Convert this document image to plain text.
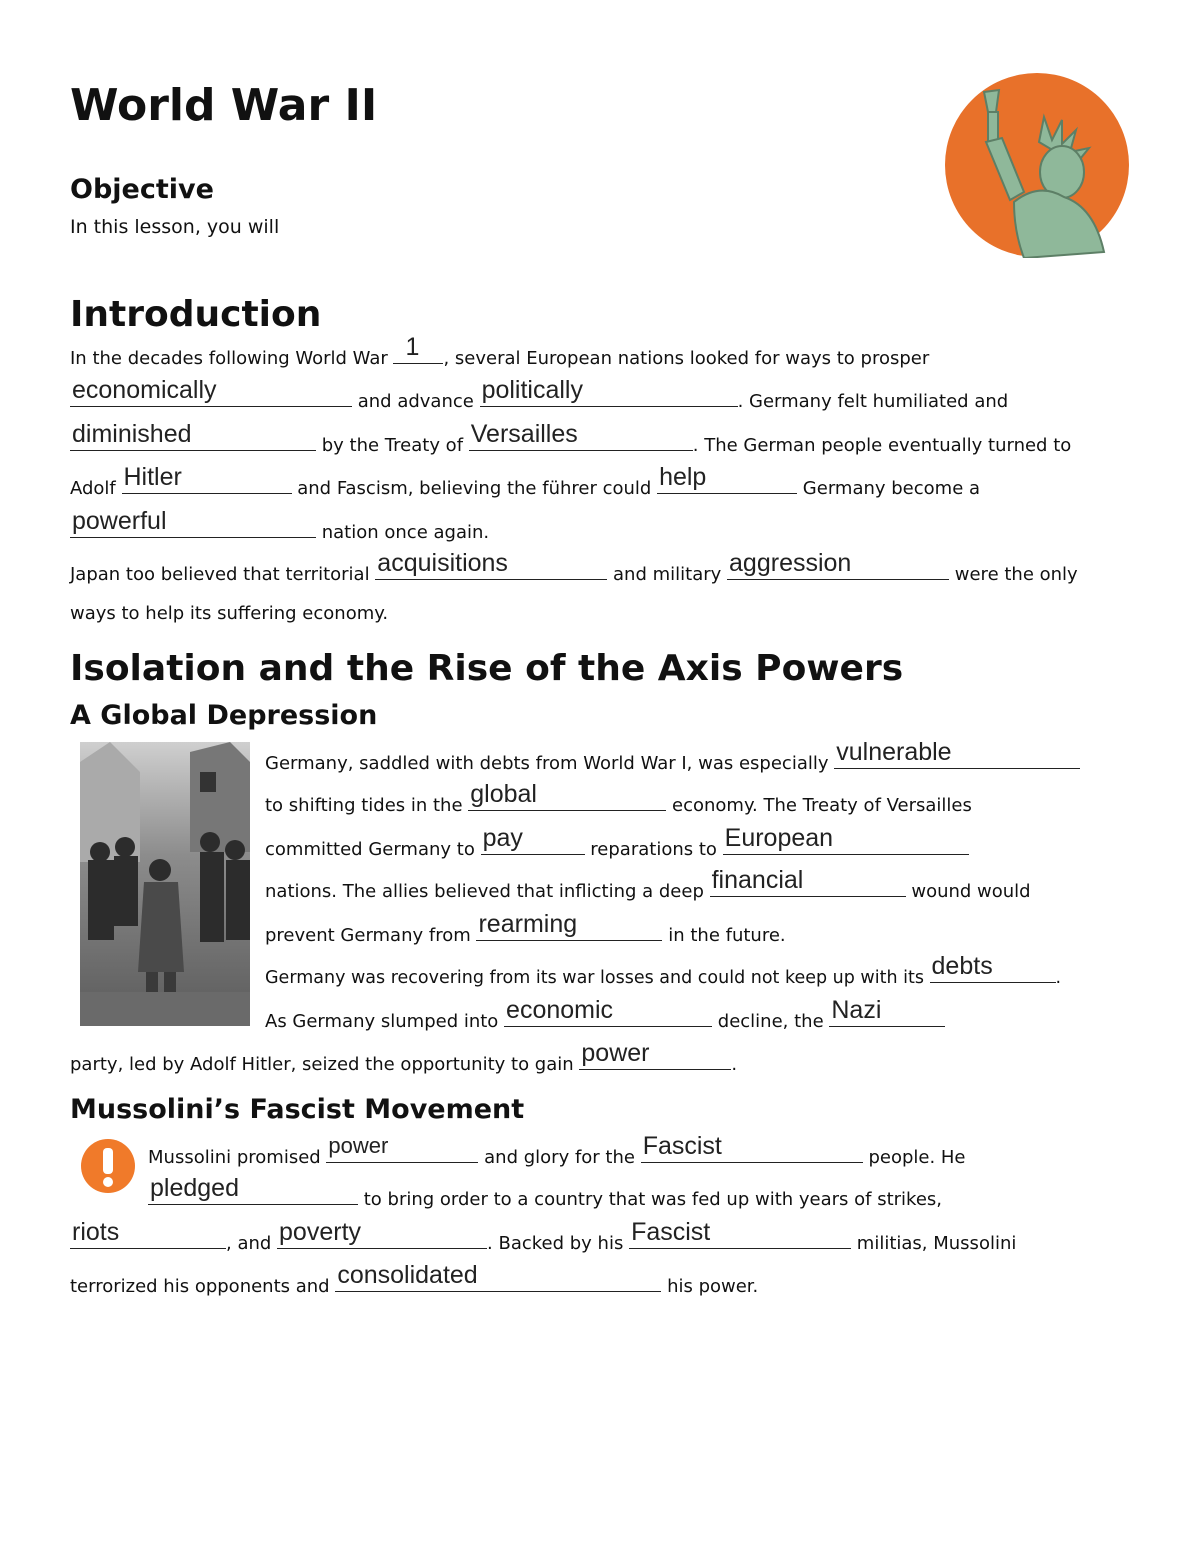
World War II
Objective
In this lesson, you will
Introduction
In the decades following World War 1 , several European nations looked for ways to prosper
economically	and advance politically	. Germany felt humiliated and
diminished	by the Treaty of Versailles	. The German people eventually turned to
Adolf Hitler	and Fascism, believing the führer could help	Germany become a
powerful	nation once again.
Japan too believed that territorial acquisitions	and military aggression	were the only
ways to help its suffering economy.
Isolation and the Rise of the Axis Powers
A Global Depression
Germany, saddled with debts from World War I, was especially vulnerable
to shifting tides in the global	economy. The Treaty of Versailles
committed Germany to pay	reparations to European
nations. The allies believed that inflicting a deep financial	wound would
prevent Germany from rearming	in the future.
Germany was recovering from its war losses and could not keep up with its debts	.
As Germany slumped into economic	decline, the Nazi
party, led by Adolf Hitler, seized the opportunity to gain power	.
Mussolini’s Fascist Movement
Mussolini promised power	and glory for the Fascist	people. He
pledged	to bring order to a country that was fed up with years of strikes,
riots	, and poverty	. Backed by his Fascist	militias, Mussolini
terrorized his opponents and consolidated	his power.
